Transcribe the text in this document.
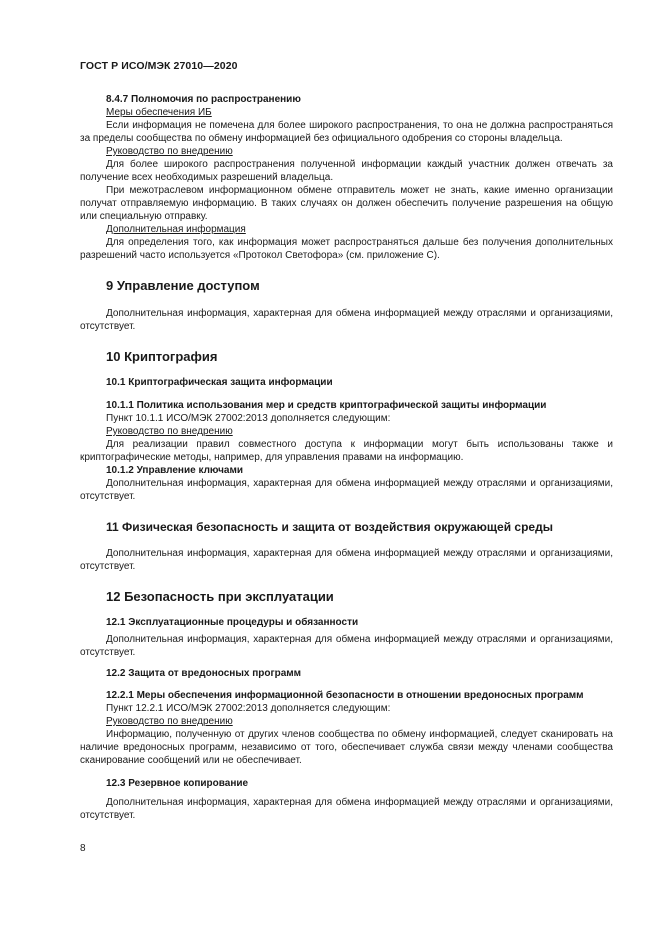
ГОСТ Р ИСО/МЭК 27010—2020

8.4.7 Полномочия по распространению

Меры обеспечения ИБ

Если информация не помечена для более широкого распространения, то она не должна распространяться за пределы сообщества по обмену информацией без официального одобрения со стороны владельца.

Руководство по внедрению

Для более широкого распространения полученной информации каждый участник должен отвечать за получение всех необходимых разрешений владельца.

При межотраслевом информационном обмене отправитель может не знать, какие именно организации получат отправляемую информацию. В таких случаях он должен обеспечить получение разрешения на общую или специальную отправку.

Дополнительная информация

Для определения того, как информация может распространяться дальше без получения дополнительных разрешений часто используется «Протокол Светофора» (см. приложение С).

9 Управление доступом

Дополнительная информация, характерная для обмена информацией между отраслями и организациями, отсутствует.

10 Криптография

10.1 Криптографическая защита информации

10.1.1 Политика использования мер и средств криптографической защиты информации

Пункт 10.1.1 ИСО/МЭК 27002:2013 дополняется следующим:

Руководство по внедрению

Для реализации правил совместного доступа к информации могут быть использованы также и криптографические методы, например, для управления правами на информацию.

10.1.2 Управление ключами

Дополнительная информация, характерная для обмена информацией между отраслями и организациями, отсутствует.

11 Физическая безопасность и защита от воздействия окружающей среды

Дополнительная информация, характерная для обмена информацией между отраслями и организациями, отсутствует.

12 Безопасность при эксплуатации

12.1 Эксплуатационные процедуры и обязанности

Дополнительная информация, характерная для обмена информацией между отраслями и организациями, отсутствует.

12.2 Защита от вредоносных программ

12.2.1 Меры обеспечения информационной безопасности в отношении вредоносных программ

Пункт 12.2.1 ИСО/МЭК 27002:2013 дополняется следующим:

Руководство по внедрению

Информацию, полученную от других членов сообщества по обмену информацией, следует сканировать на наличие вредоносных программ, независимо от того, обеспечивает служба связи между членами сообщества сканирование сообщений или не обеспечивает.

12.3 Резервное копирование

Дополнительная информация, характерная для обмена информацией между отраслями и организациями, отсутствует.

8
